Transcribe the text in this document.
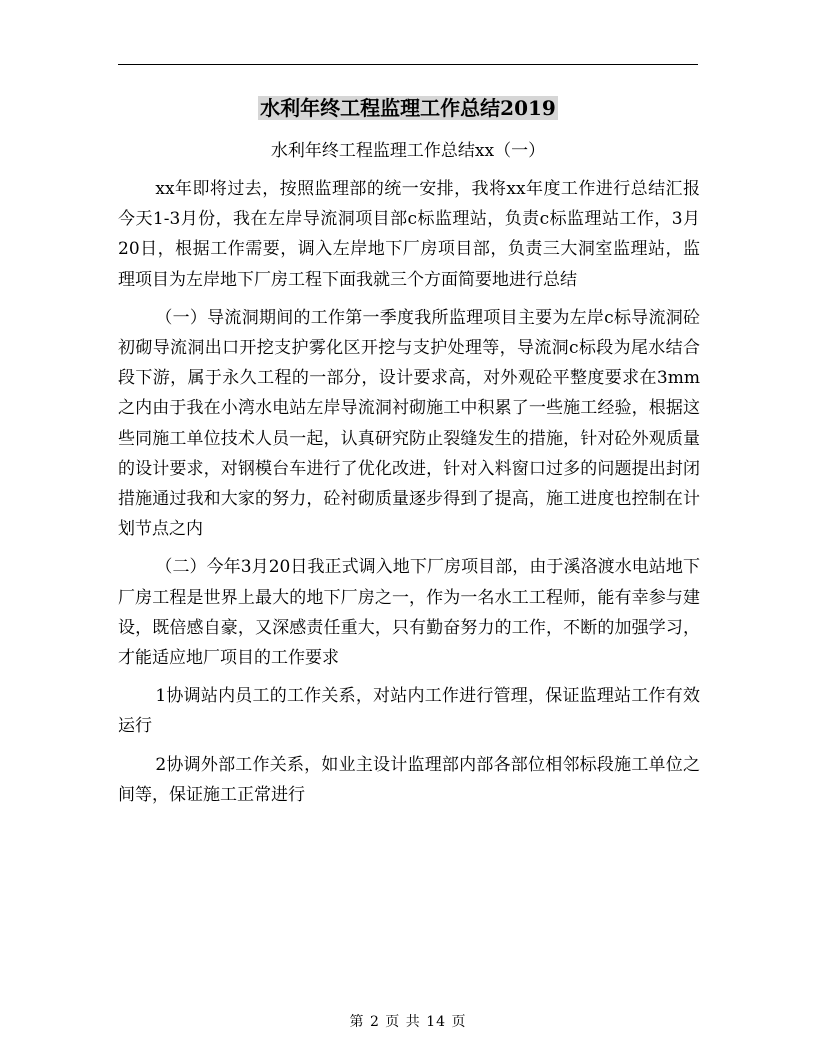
水利年终工程监理工作总结2019
水利年终工程监理工作总结xx（一）

xx年即将过去，按照监理部的统一安排，我将xx年度工作进行总结汇报今天1-3月份，我在左岸导流洞项目部c标监理站，负责c标监理站工作，3月20日，根据工作需要，调入左岸地下厂房项目部，负责三大洞室监理站，监理项目为左岸地下厂房工程下面我就三个方面简要地进行总结

（一）导流洞期间的工作第一季度我所监理项目主要为左岸c标导流洞砼初砌导流洞出口开挖支护雾化区开挖与支护处理等，导流洞c标段为尾水结合段下游，属于永久工程的一部分，设计要求高，对外观砼平整度要求在3mm之内由于我在小湾水电站左岸导流洞衬砌施工中积累了一些施工经验，根据这些同施工单位技术人员一起，认真研究防止裂缝发生的措施，针对砼外观质量的设计要求，对钢模台车进行了优化改进，针对入料窗口过多的问题提出封闭措施通过我和大家的努力，砼衬砌质量逐步得到了提高，施工进度也控制在计划节点之内

（二）今年3月20日我正式调入地下厂房项目部，由于溪洛渡水电站地下厂房工程是世界上最大的地下厂房之一，作为一名水工工程师，能有幸参与建设，既倍感自豪，又深感责任重大，只有勤奋努力的工作，不断的加强学习，才能适应地厂项目的工作要求

1协调站内员工的工作关系，对站内工作进行管理，保证监理站工作有效运行

2协调外部工作关系，如业主设计监理部内部各部位相邻标段施工单位之间等，保证施工正常进行

第 2 页 共 14 页
